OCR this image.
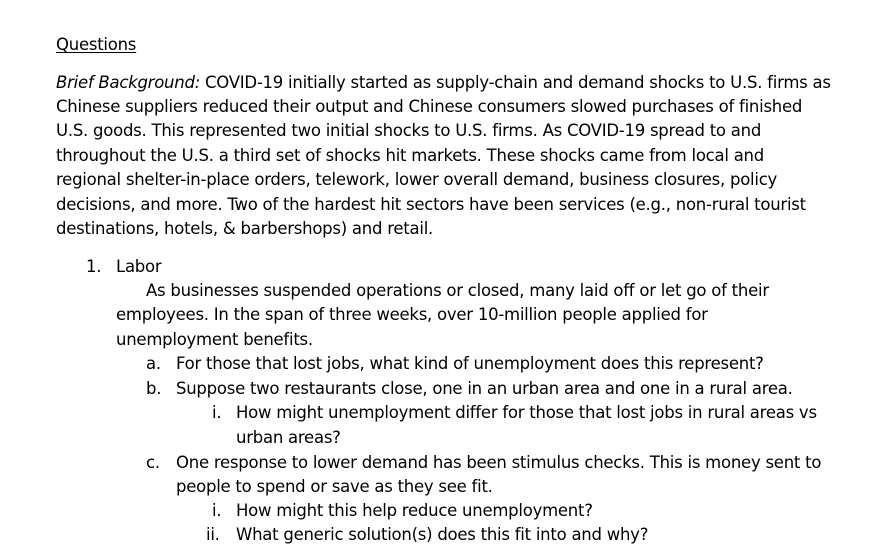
Questions
Brief Background: COVID-19 initially started as supply-chain and demand shocks to U.S. firms as
Chinese suppliers reduced their output and Chinese consumers slowed purchases of finished
U.S. goods. This represented two initial shocks to U.S. firms. As COVID-19 spread to and
throughout the U.S. a third set of shocks hit markets. These shocks came from local and
regional shelter-in-place orders, telework, lower overall demand, business closures, policy
decisions, and more. Two of the hardest hit sectors have been services (e.g., non-rural tourist
destinations, hotels, & barbershops) and retail.
1. Labor
As businesses suspended operations or closed, many laid off or let go of their
employees. In the span of three weeks, over 10-million people applied for
unemployment benefits.
a. For those that lost jobs, what kind of unemployment does this represent?
b. Suppose two restaurants close, one in an urban area and one in a rural area.
i. How might unemployment differ for those that lost jobs in rural areas vs
urban areas?
c. One response to lower demand has been stimulus checks. This is money sent to
people to spend or save as they see fit.
i. How might this help reduce unemployment?
ii. What generic solution(s) does this fit into and why?
